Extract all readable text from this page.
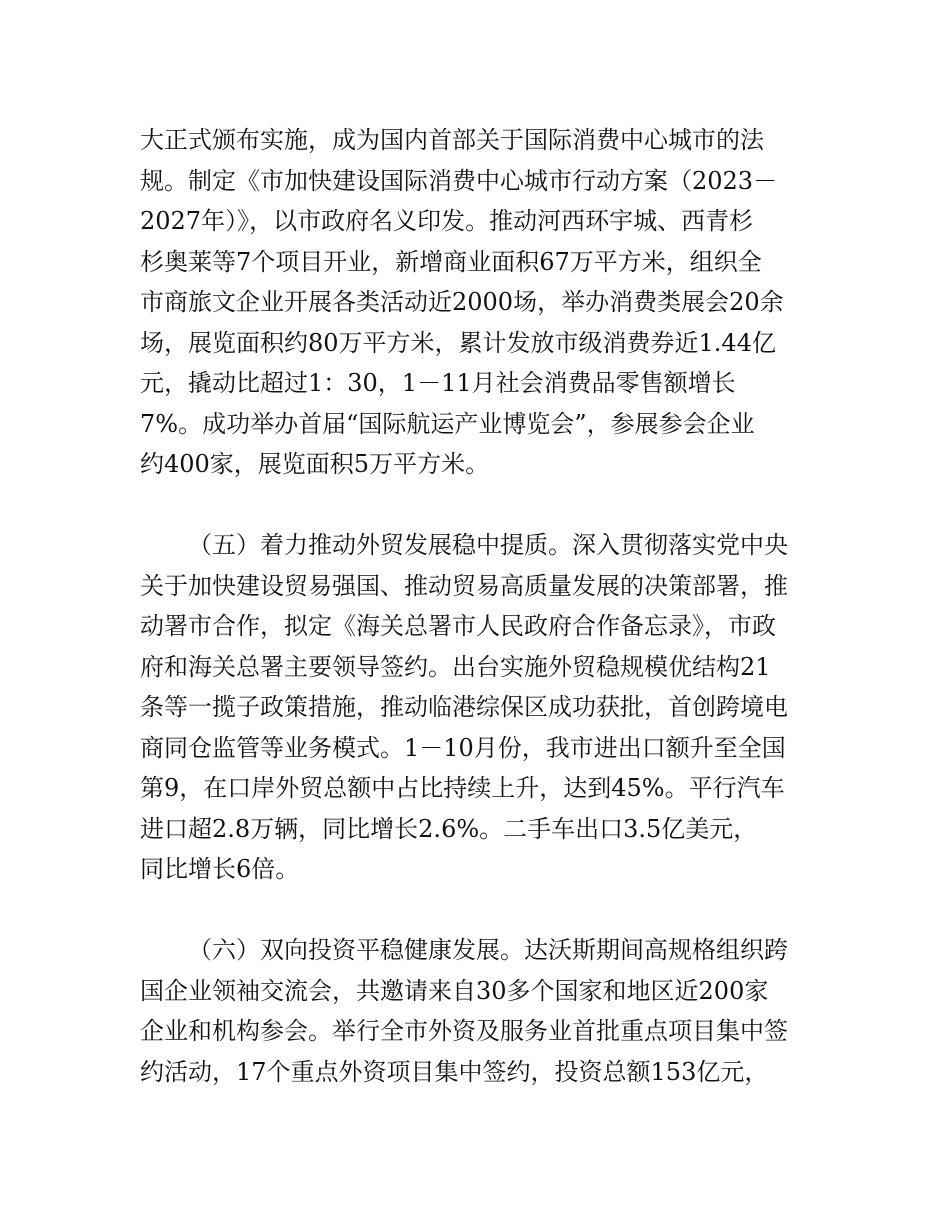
大正式颁布实施，成为国内首部关于国际消费中心城市的法
规。制定《市加快建设国际消费中心城市行动方案（2023－
2027年）》，以市政府名义印发。推动河西环宇城、西青杉
杉奥莱等7个项目开业，新增商业面积67万平方米，组织全
市商旅文企业开展各类活动近2000场，举办消费类展会20余
场，展览面积约80万平方米，累计发放市级消费券近1.44亿
元，撬动比超过1：30，1－11月社会消费品零售额增长
7%。成功举办首届“国际航运产业博览会”，参展参会企业
约400家，展览面积5万平方米。
（五）着力推动外贸发展稳中提质。深入贯彻落实党中央
关于加快建设贸易强国、推动贸易高质量发展的决策部署，推
动署市合作，拟定《海关总署市人民政府合作备忘录》，市政
府和海关总署主要领导签约。出台实施外贸稳规模优结构21
条等一揽子政策措施，推动临港综保区成功获批，首创跨境电
商同仓监管等业务模式。1－10月份，我市进出口额升至全国
第9，在口岸外贸总额中占比持续上升，达到45%。平行汽车
进口超2.8万辆，同比增长2.6%。二手车出口3.5亿美元，
同比增长6倍。
（六）双向投资平稳健康发展。达沃斯期间高规格组织跨
国企业领袖交流会，共邀请来自30多个国家和地区近200家
企业和机构参会。举行全市外资及服务业首批重点项目集中签
约活动，17个重点外资项目集中签约，投资总额153亿元，
